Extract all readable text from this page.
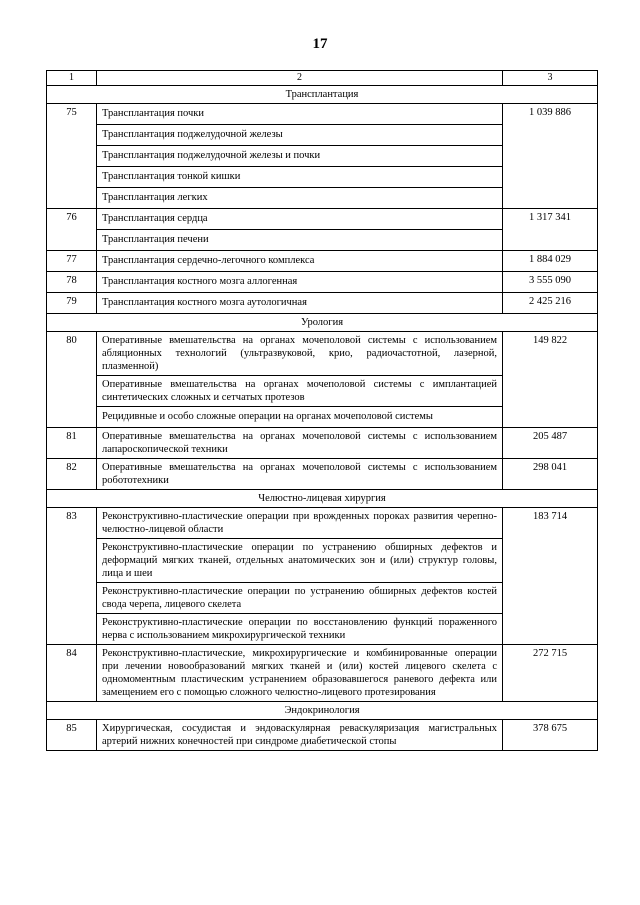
17
1	2	3
Трансплантация		
75	Трансплантация почки	1 039 886
	Трансплантация поджелудочной железы	
	Трансплантация поджелудочной железы и почки	
	Трансплантация тонкой кишки	
	Трансплантация легких	
76	Трансплантация сердца	1 317 341
	Трансплантация печени	
77	Трансплантация сердечно-легочного комплекса	1 884 029
78	Трансплантация костного мозга аллогенная	3 555 090
79	Трансплантация костного мозга аутологичная	2 425 216
Урология		
80	Оперативные вмешательства на органах мочеполовой системы с использованием абляционных технологий (ультразвуковой, крио, радиочастотной, лазерной, плазменной)	149 822
	Оперативные вмешательства на органах мочеполовой системы с имплантацией синтетических сложных и сетчатых протезов	
	Рецидивные и особо сложные операции на органах мочеполовой системы	
81	Оперативные вмешательства на органах мочеполовой системы с использованием лапароскопической техники	205 487
82	Оперативные вмешательства на органах мочеполовой системы с использованием робототехники	298 041
Челюстно-лицевая хирургия		
83	Реконструктивно-пластические операции при врожденных пороках развития черепно-челюстно-лицевой области	183 714
	Реконструктивно-пластические операции по устранению обширных дефектов и деформаций мягких тканей, отдельных анатомических зон и (или) структур головы, лица и шеи	
	Реконструктивно-пластические операции по устранению обширных дефектов костей свода черепа, лицевого скелета	
	Реконструктивно-пластические операции по восстановлению функций пораженного нерва с использованием микрохирургической техники	
84	Реконструктивно-пластические, микрохирургические и комбинированные операции при лечении новообразований мягких тканей и (или) костей лицевого скелета с одномоментным пластическим устранением образовавшегося раневого дефекта или замещением его с помощью сложного челюстно-лицевого протезирования	272 715
Эндокринология		
85	Хирургическая, сосудистая и эндоваскулярная реваскуляризация магистральных артерий нижних конечностей при синдроме диабетической стопы	378 675
